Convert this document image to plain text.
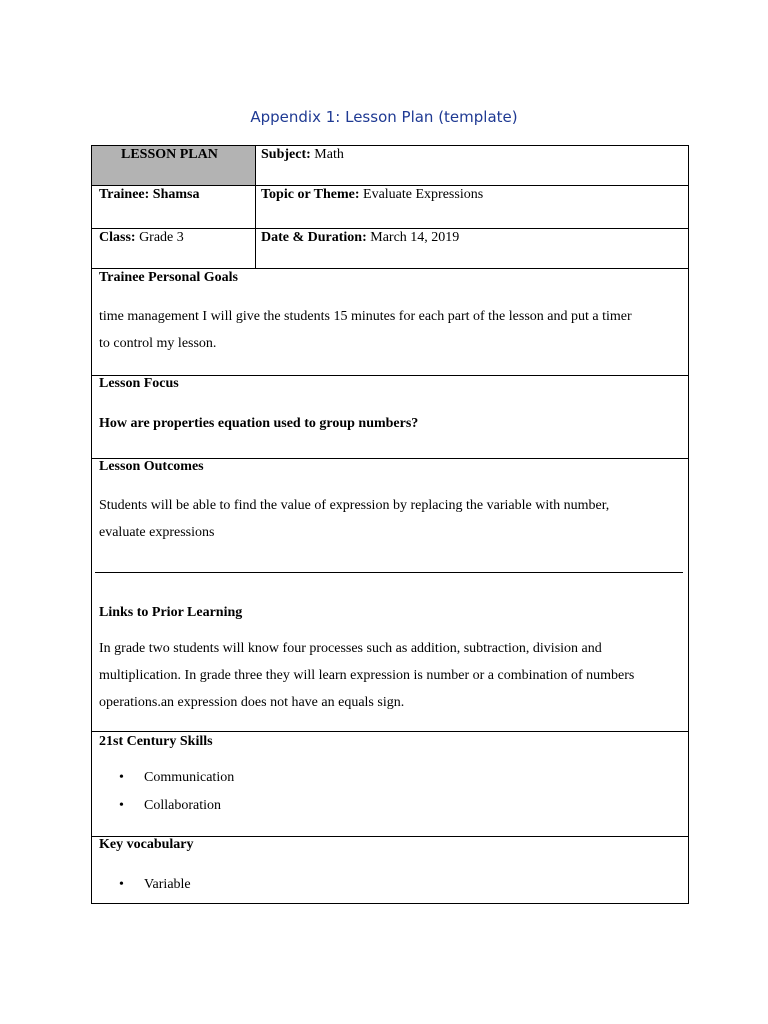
Appendix 1: Lesson Plan (template)
LESSON PLAN	Subject: Math
Trainee: Shamsa	Topic or Theme: Evaluate Expressions
Class: Grade 3	Date & Duration: March 14, 2019
Trainee Personal Goals
time management I will give the students 15 minutes for each part of the lesson and put a timer
to control my lesson.
Lesson Focus
How are properties equation used to group numbers?
Lesson Outcomes
Students will be able to find the value of expression by replacing the variable with number,
evaluate expressions
Links to Prior Learning
In grade two students will know four processes such as addition, subtraction, division and
multiplication. In grade three they will learn expression is number or a combination of numbers
operations.an expression does not have an equals sign.
21st Century Skills
• Communication
• Collaboration
Key vocabulary
• Variable
